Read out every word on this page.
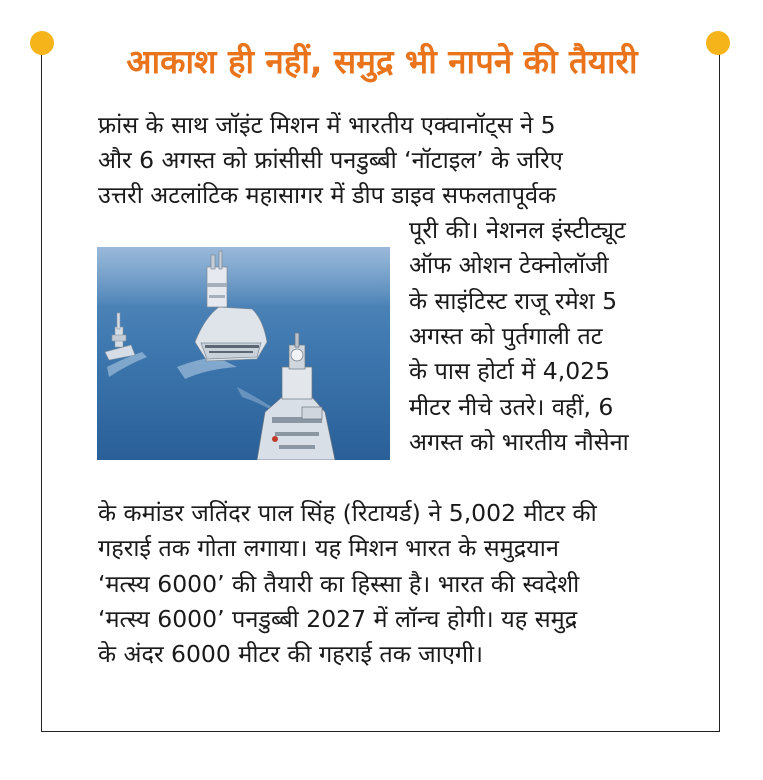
आकाश ही नहीं, समुद्र भी नापने की तैयारी
फ्रांस के साथ जॉइंट मिशन में भारतीय एक्वानॉट्स ने 5
और 6 अगस्त को फ्रांसीसी पनडुब्बी ‘नॉटाइल’ के जरिए
उत्तरी अटलांटिक महासागर में डीप डाइव सफलतापूर्वक
पूरी की। नेशनल इंस्टीट्यूट
ऑफ ओशन टेक्नोलॉजी
के साइंटिस्ट राजू रमेश 5
अगस्त को पुर्तगाली तट
के पास होर्टा में 4,025
मीटर नीचे उतरे। वहीं, 6
अगस्त को भारतीय नौसेना
के कमांडर जतिंदर पाल सिंह (रिटायर्ड) ने 5,002 मीटर की
गहराई तक गोता लगाया। यह मिशन भारत के समुद्रयान
‘मत्स्य 6000’ की तैयारी का हिस्सा है। भारत की स्वदेशी
‘मत्स्य 6000’ पनडुब्बी 2027 में लॉन्च होगी। यह समुद्र
के अंदर 6000 मीटर की गहराई तक जाएगी।
